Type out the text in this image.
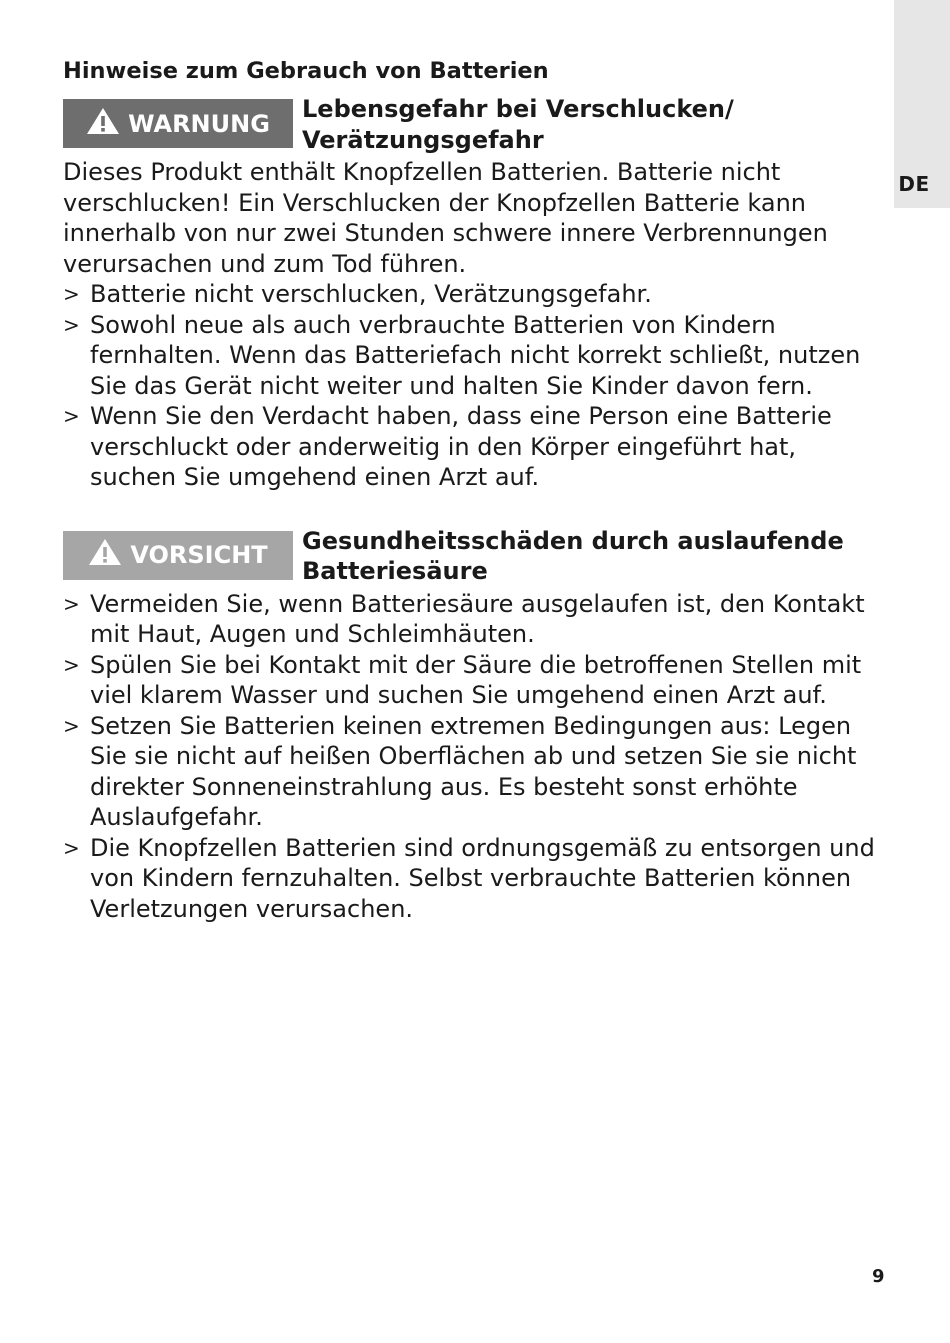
DE
Hinweise zum Gebrauch von Batterien
WARNUNG
Lebensgefahr bei Verschlucken/
Verätzungsgefahr

Dieses Produkt enthält Knopfzellen Batterien. Batterie nicht verschlucken! Ein Verschlucken der Knopfzellen Batterie kann innerhalb von nur zwei Stunden schwere innere Verbrennungen verursachen und zum Tod führen.

> Batterie nicht verschlucken, Verätzungsgefahr.
> Sowohl neue als auch verbrauchte Batterien von Kindern fernhalten. Wenn das Batteriefach nicht korrekt schließt, nutzen Sie das Gerät nicht weiter und halten Sie Kinder davon fern.
> Wenn Sie den Verdacht haben, dass eine Person eine Batterie verschluckt oder anderweitig in den Körper eingeführt hat, suchen Sie umgehend einen Arzt auf.
VORSICHT
Gesundheitsschäden durch auslaufende
Batteriesäure
> Vermeiden Sie, wenn Batteriesäure ausgelaufen ist, den Kontakt mit Haut, Augen und Schleimhäuten.
> Spülen Sie bei Kontakt mit der Säure die betroffenen Stellen mit viel klarem Wasser und suchen Sie umgehend einen Arzt auf.
> Setzen Sie Batterien keinen extremen Bedingungen aus: Legen Sie sie nicht auf heißen Oberflächen ab und setzen Sie sie nicht direkter Sonneneinstrahlung aus. Es besteht sonst erhöhte Auslaufgefahr.
> Die Knopfzellen Batterien sind ordnungsgemäß zu entsorgen und von Kindern fernzuhalten. Selbst verbrauchte Batterien können Verletzungen verursachen.
9
